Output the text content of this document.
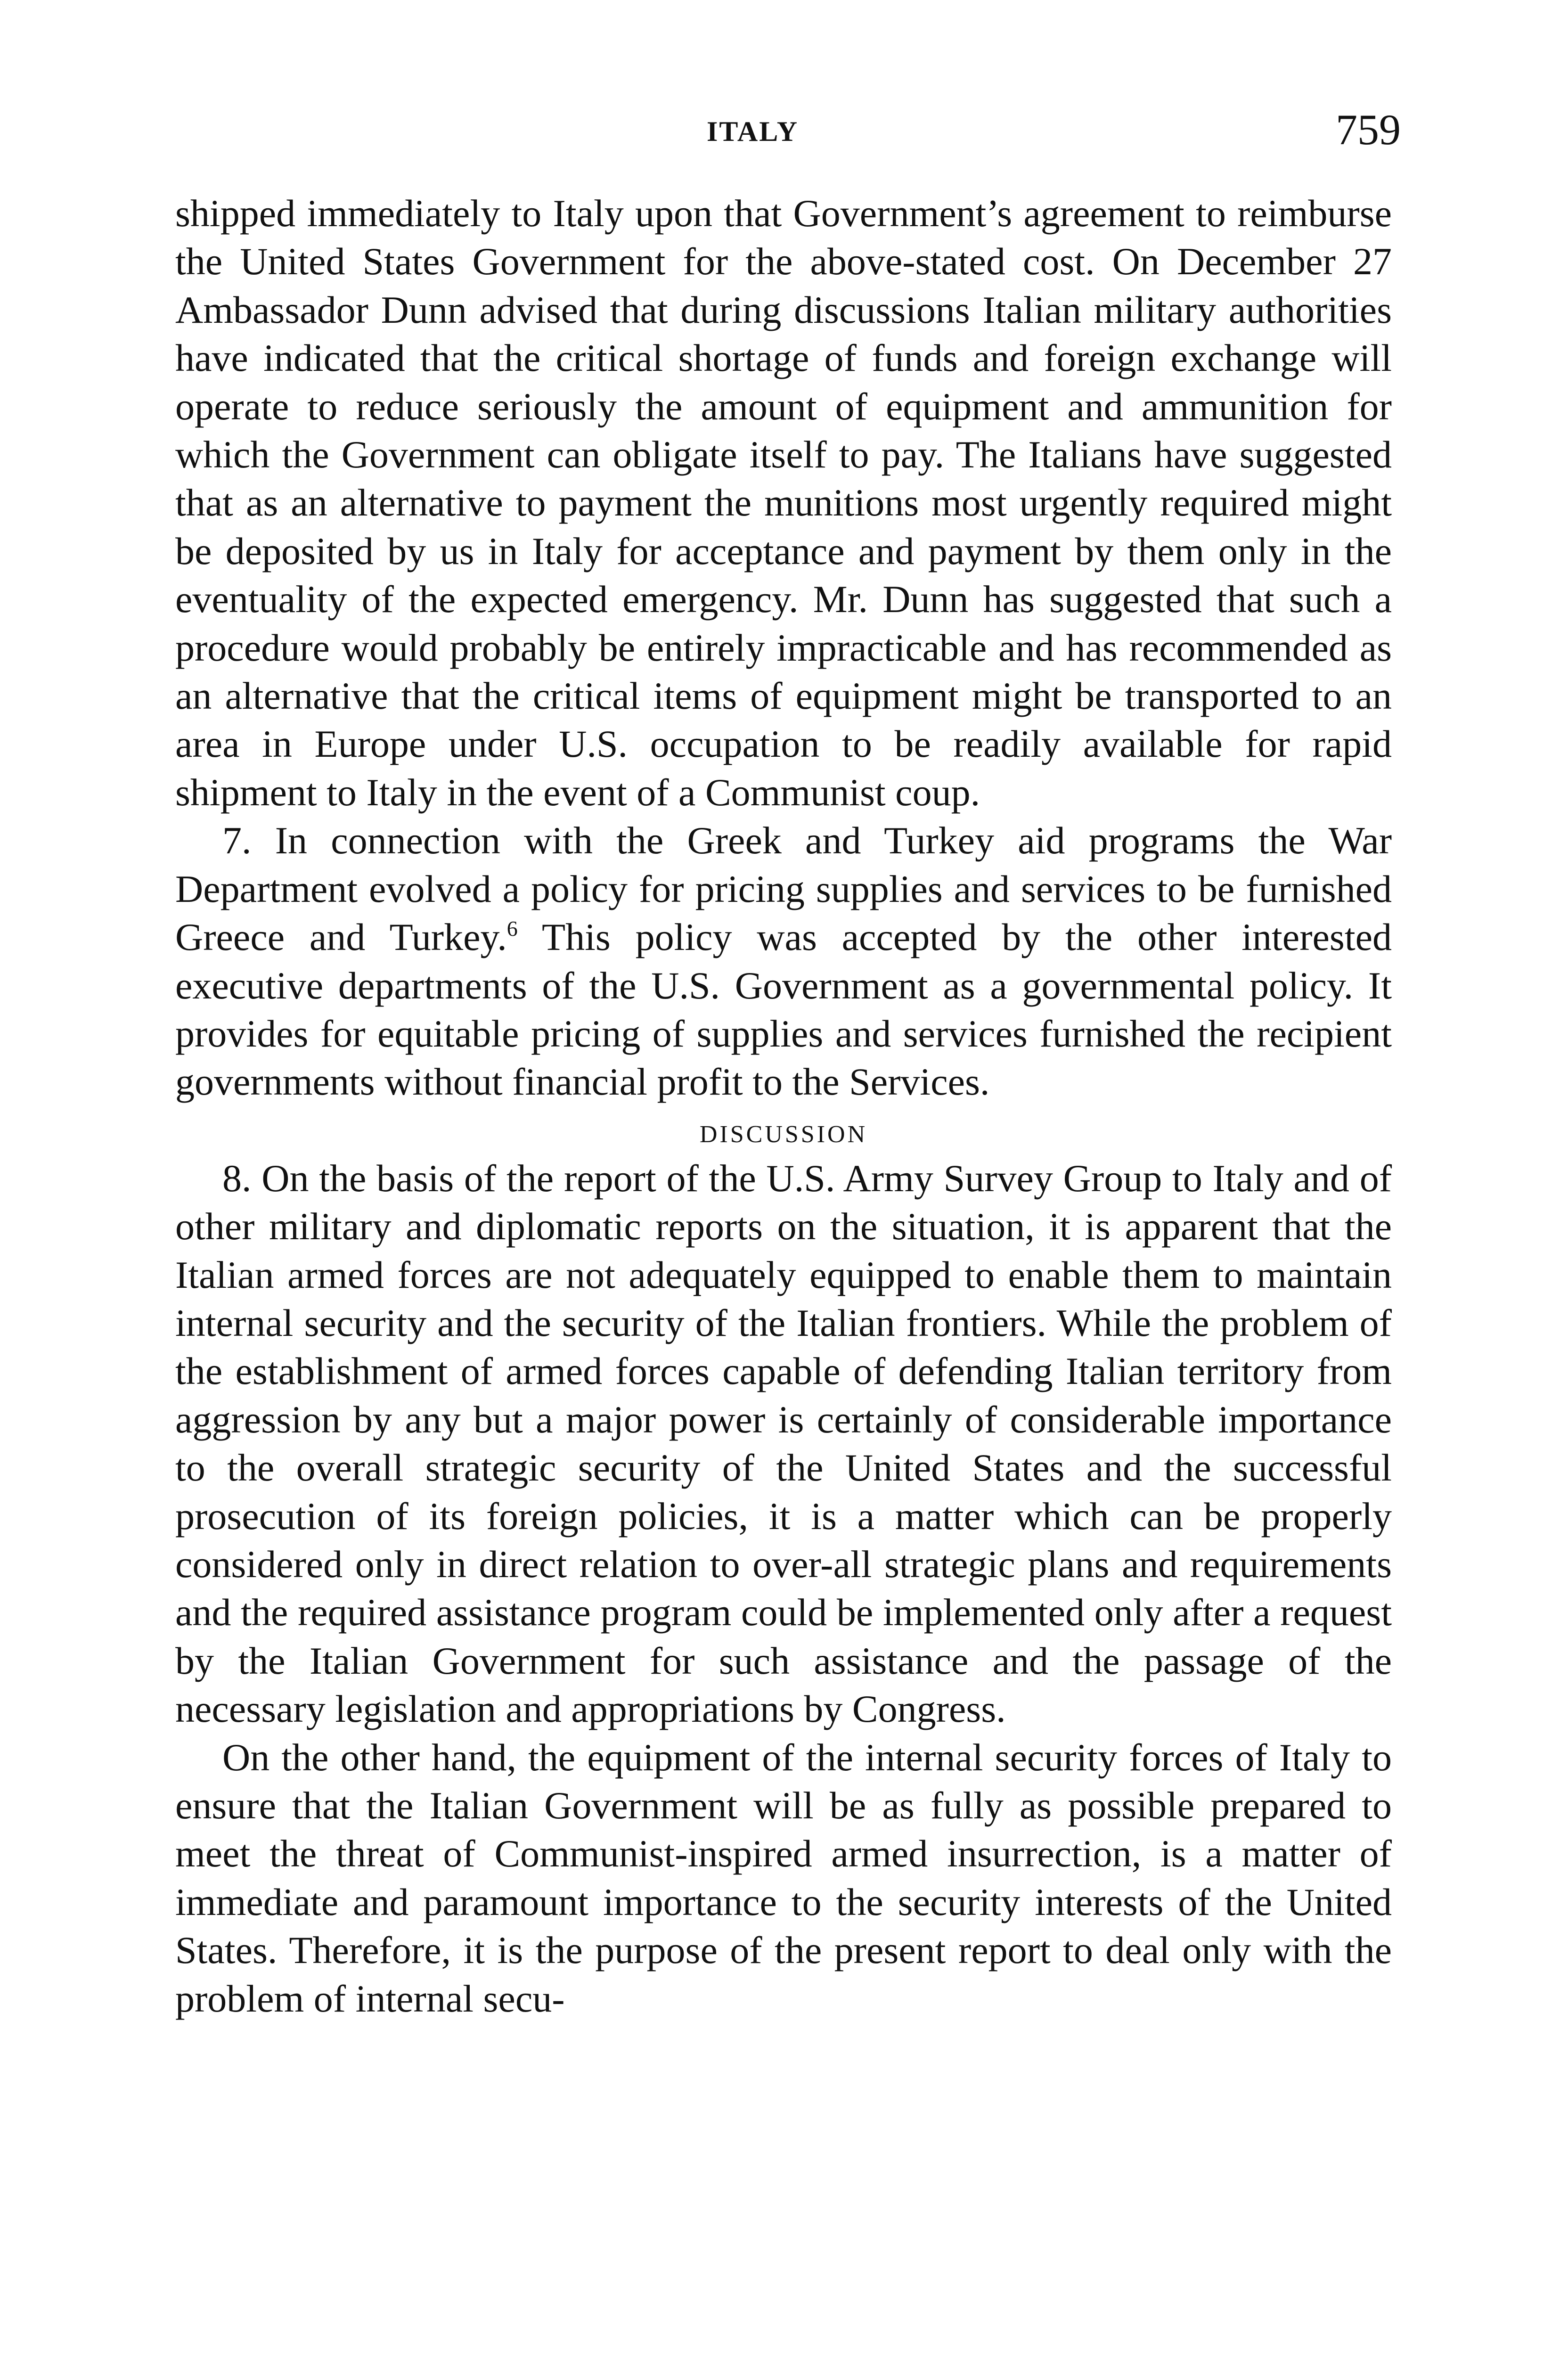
ITALY	759

shipped immediately to Italy upon that Government’s agreement to reimburse the United States Government for the above-stated cost. On December 27 Ambassador Dunn advised that during discussions Italian military authorities have indicated that the critical shortage of funds and foreign exchange will operate to reduce seriously the amount of equipment and ammunition for which the Government can obligate itself to pay. The Italians have suggested that as an alternative to payment the munitions most urgently required might be deposited by us in Italy for acceptance and payment by them only in the eventuality of the expected emergency. Mr. Dunn has suggested that such a procedure would probably be entirely impracticable and has recommended as an alternative that the critical items of equipment might be transported to an area in Europe under U.S. occupation to be readily available for rapid shipment to Italy in the event of a Communist coup.

7. In connection with the Greek and Turkey aid programs the War Department evolved a policy for pricing supplies and services to be furnished Greece and Turkey.$^6$ This policy was accepted by the other interested executive departments of the U.S. Government as a governmental policy. It provides for equitable pricing of supplies and services furnished the recipient governments without financial profit to the Services.

DISCUSSION

8. On the basis of the report of the U.S. Army Survey Group to Italy and of other military and diplomatic reports on the situation, it is apparent that the Italian armed forces are not adequately equipped to enable them to maintain internal security and the security of the Italian frontiers. While the problem of the establishment of armed forces capable of defending Italian territory from aggression by any but a major power is certainly of considerable importance to the overall strategic security of the United States and the successful prosecution of its foreign policies, it is a matter which can be properly considered only in direct relation to over-all strategic plans and requirements and the required assistance program could be implemented only after a request by the Italian Government for such assistance and the passage of the necessary legislation and appropriations by Congress.

On the other hand, the equipment of the internal security forces of Italy to ensure that the Italian Government will be as fully as possible prepared to meet the threat of Communist-inspired armed insurrection, is a matter of immediate and paramount importance to the security interests of the United States. Therefore, it is the purpose of the present report to deal only with the problem of internal secu-
